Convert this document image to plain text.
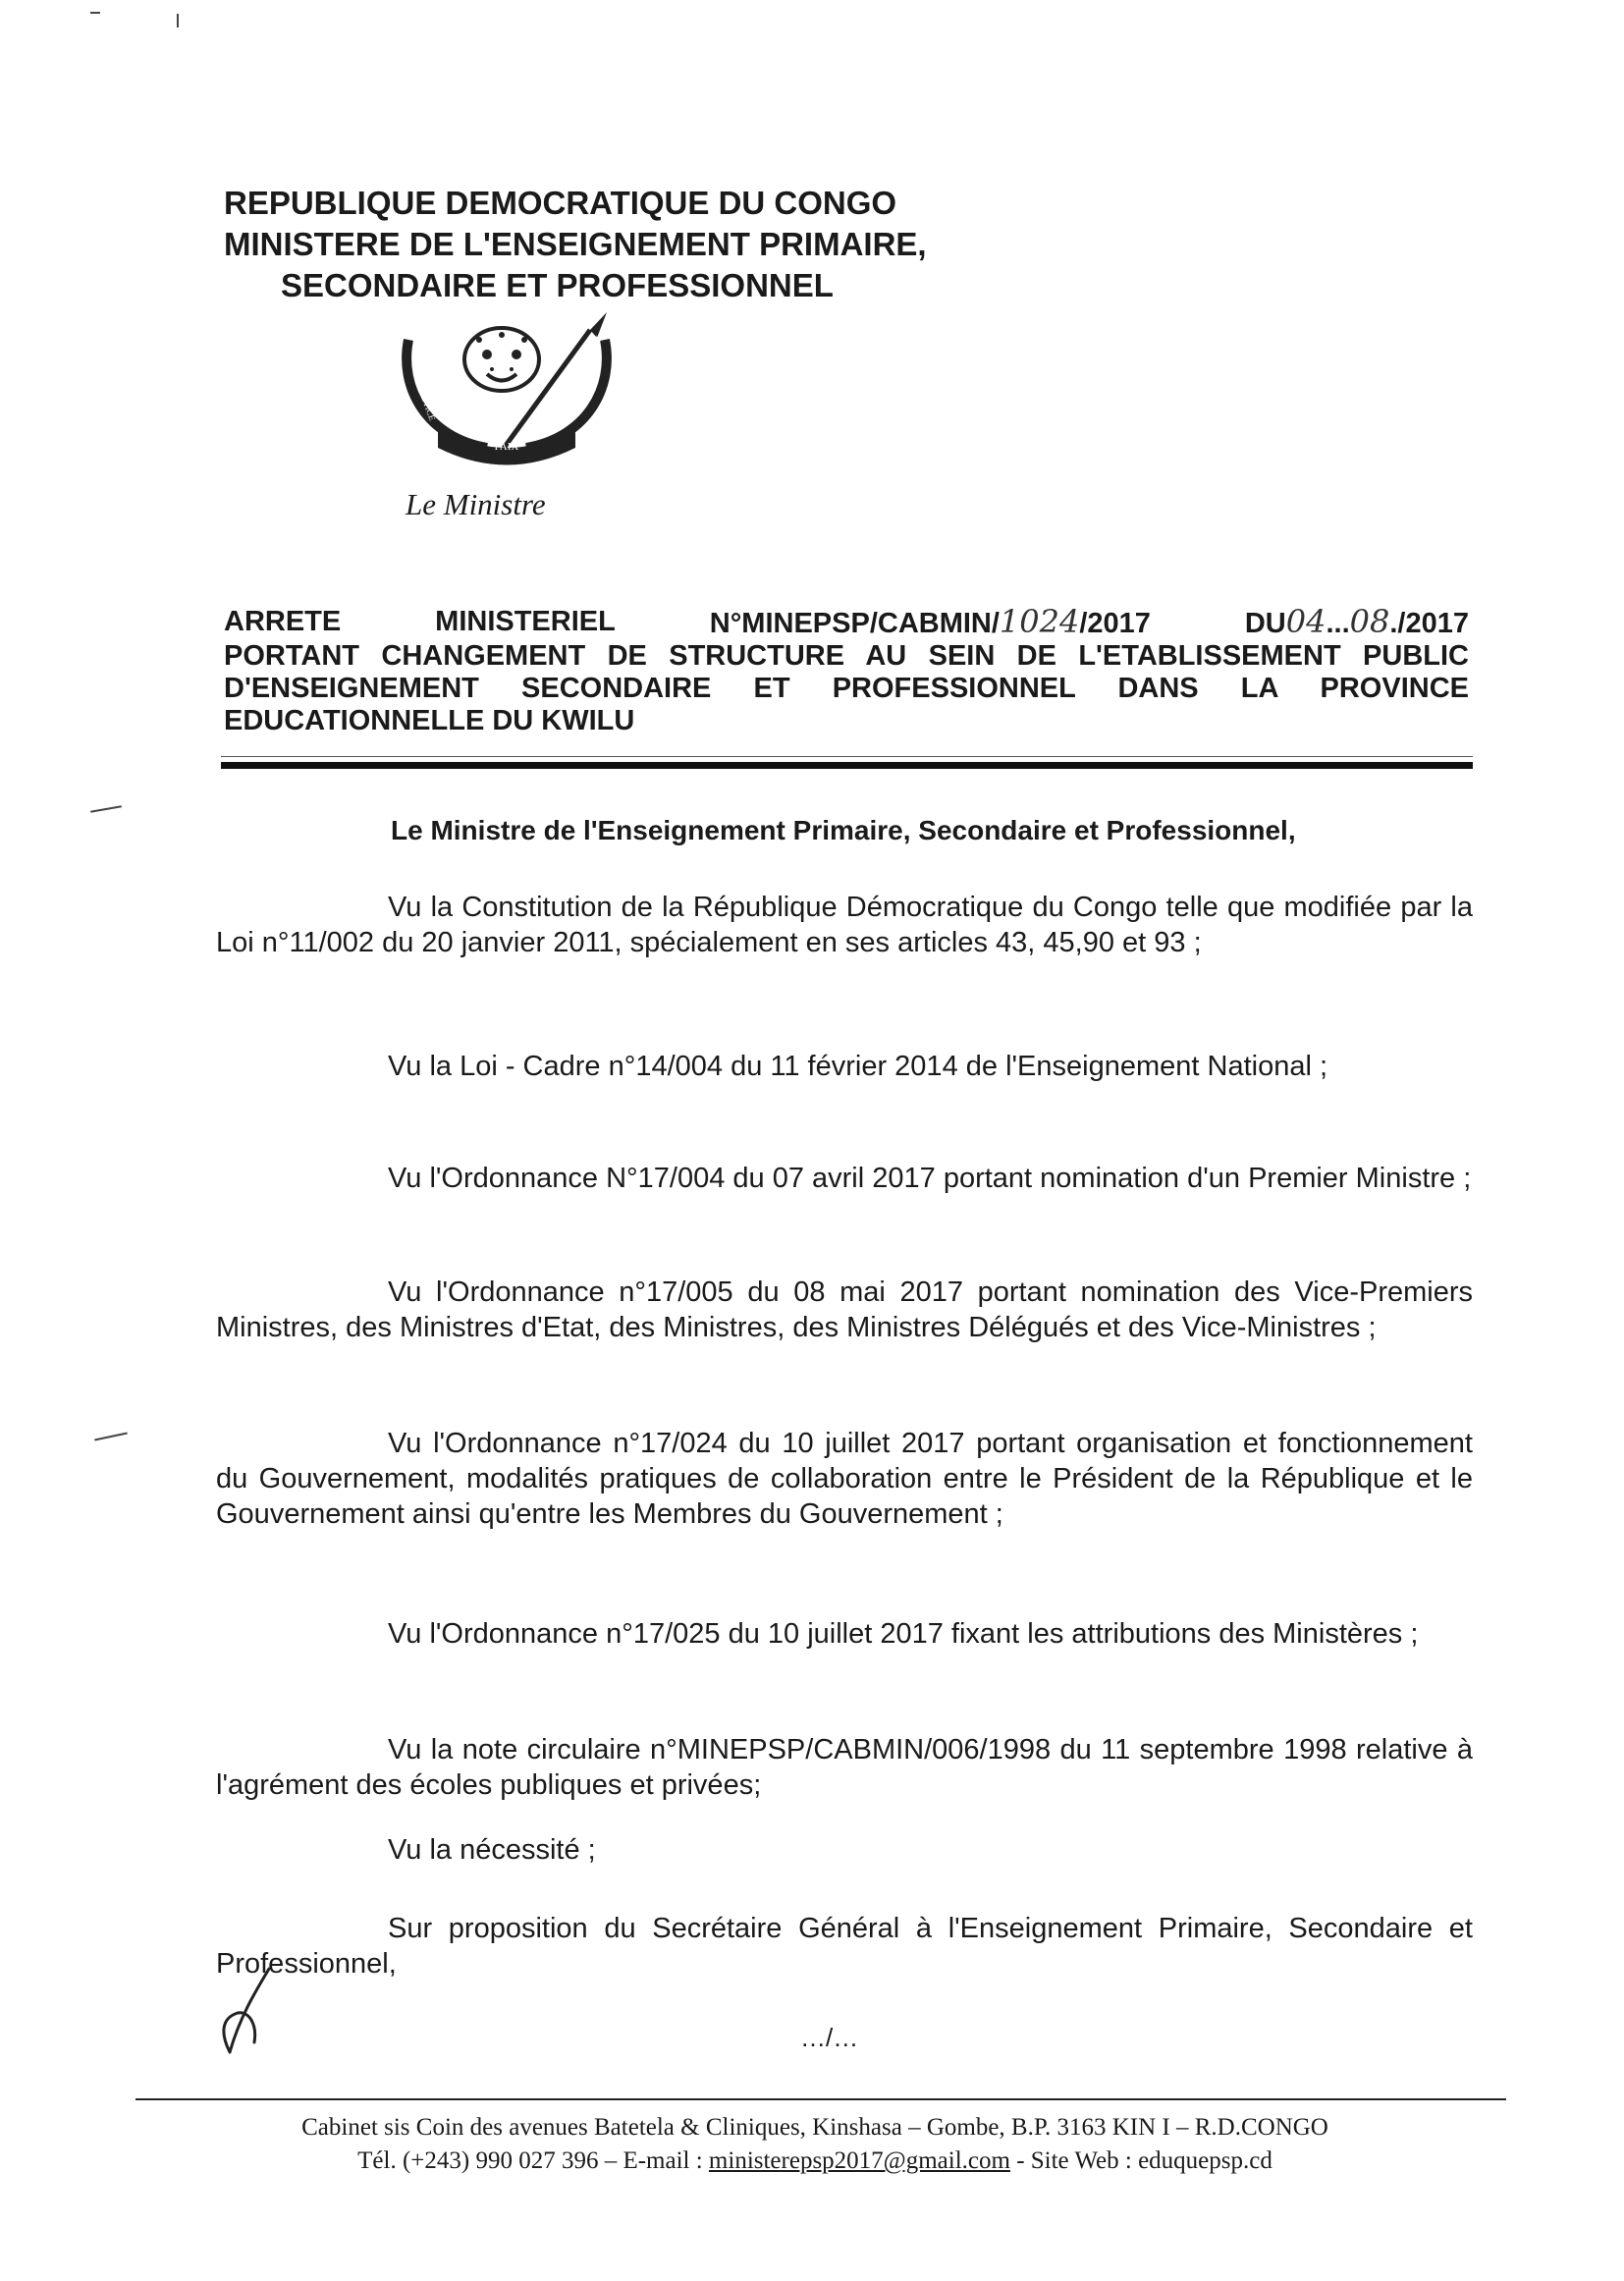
REPUBLIQUE DEMOCRATIQUE DU CONGO
MINISTERE DE L'ENSEIGNEMENT PRIMAIRE,
SECONDAIRE ET PROFESSIONNEL
PAIX
JUSTICE
TRAVAIL
Le Ministre
ARRETE	MINISTERIEL	N°MINEPSP/CABMIN/1024/2017	DU04...08./2017
PORTANT CHANGEMENT DE STRUCTURE AU SEIN DE L'ETABLISSEMENT PUBLIC
D'ENSEIGNEMENT SECONDAIRE ET PROFESSIONNEL DANS LA PROVINCE
EDUCATIONNELLE DU KWILU
Le Ministre de l'Enseignement Primaire, Secondaire et Professionnel,
Vu la Constitution de la République Démocratique du Congo telle que modifiée par la Loi n°11/002 du 20 janvier 2011, spécialement en ses articles 43, 45,90 et 93 ;
Vu la Loi - Cadre n°14/004 du 11 février 2014 de l'Enseignement National ;
Vu l'Ordonnance N°17/004 du 07 avril 2017 portant nomination d'un Premier Ministre ;
Vu l'Ordonnance n°17/005 du 08 mai 2017 portant nomination des Vice-Premiers Ministres, des Ministres d'Etat, des Ministres, des Ministres Délégués et des Vice-Ministres ;
Vu l'Ordonnance n°17/024 du 10 juillet 2017 portant organisation et fonctionnement du Gouvernement, modalités pratiques de collaboration entre le Président de la République et le Gouvernement ainsi qu'entre les Membres du Gouvernement ;
Vu l'Ordonnance n°17/025 du 10 juillet 2017 fixant les attributions des Ministères ;
Vu la note circulaire n°MINEPSP/CABMIN/006/1998 du 11 septembre 1998 relative à l'agrément des écoles publiques et privées;
Vu la nécessité ;
Sur proposition du Secrétaire Général à l'Enseignement Primaire, Secondaire et Professionnel,
…/…
Cabinet sis Coin des avenues Batetela & Cliniques, Kinshasa – Gombe, B.P. 3163 KIN I – R.D.CONGO
Tél. (+243) 990 027 396 – E-mail : ministerepsp2017@gmail.com - Site Web : eduquepsp.cd
